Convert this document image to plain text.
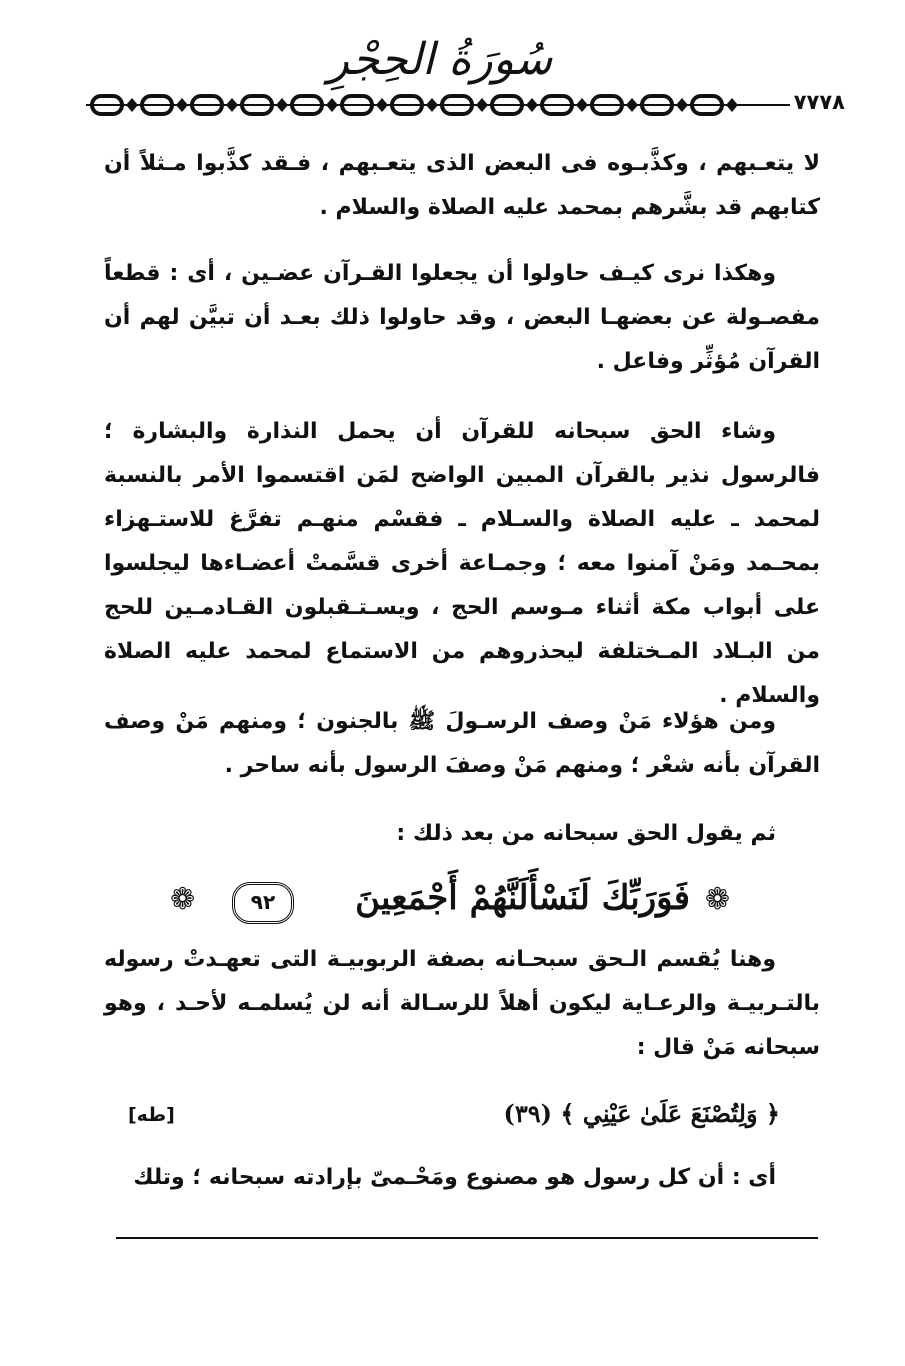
سُورَةُ الحِجْرِ
٧٧٧٨
لا يتعـبهم ، وكذَّبـوه فى البعض الذى يتعـبهم ، فـقد كذَّبوا مـثلاً أن كتابهم قد بشَّرهم بمحمد عليه الصلاة والسلام .
وهكذا نرى كيـف حاولوا أن يجعلوا القـرآن عضـين ، أى : قطعاً مفصـولة عن بعضهـا البعض ، وقد حاولوا ذلك بعـد أن تبيَّن لهم أن القرآن مُؤثِّر وفاعل .
وشاء الحق سبحانه للقرآن أن يحمل النذارة والبشارة ؛ فالرسول نذير بالقرآن المبين الواضح لمَن اقتسموا الأمر بالنسبة لمحمد ـ عليه الصلاة والسـلام ـ فقسْم منهـم تفرَّغ للاستـهزاء بمحـمد ومَنْ آمنوا معه ؛ وجمـاعة أخرى قسَّمتْ أعضـاءها ليجلسوا على أبواب مكة أثناء مـوسم الحج ، ويسـتـقبلون القـادمـين للحج من البـلاد المـختلفة ليحذروهم من الاستماع لمحمد عليه الصلاة والسلام .
ومن هؤلاء مَنْ وصف الرسـولَ ﷺ بالجنون ؛ ومنهم مَنْ وصف القرآن بأنه شعْر ؛ ومنهم مَنْ وصفَ الرسول بأنه ساحر .
ثم يقول الحق سبحانه من بعد ذلك :
❁
فَوَرَبِّكَ لَنَسْأَلَنَّهُمْ أَجْمَعِينَ
٩٢
❁
وهنا يُقسم الـحق سبحـانه بصفة الربوبيـة التى تعهـدتْ رسوله بالتـربيـة والرعـاية ليكون أهلاً للرسـالة أنه لن يُسلمـه لأحـد ، وهو سبحانه مَنْ قال :
﴿ وَلِتُصْنَعَ عَلَىٰ عَيْنِي ﴾ (٣٩)
[طه]
أى : أن كل رسول هو مصنوع ومَحْـمىّ بإرادته سبحانه ؛ وتلك
